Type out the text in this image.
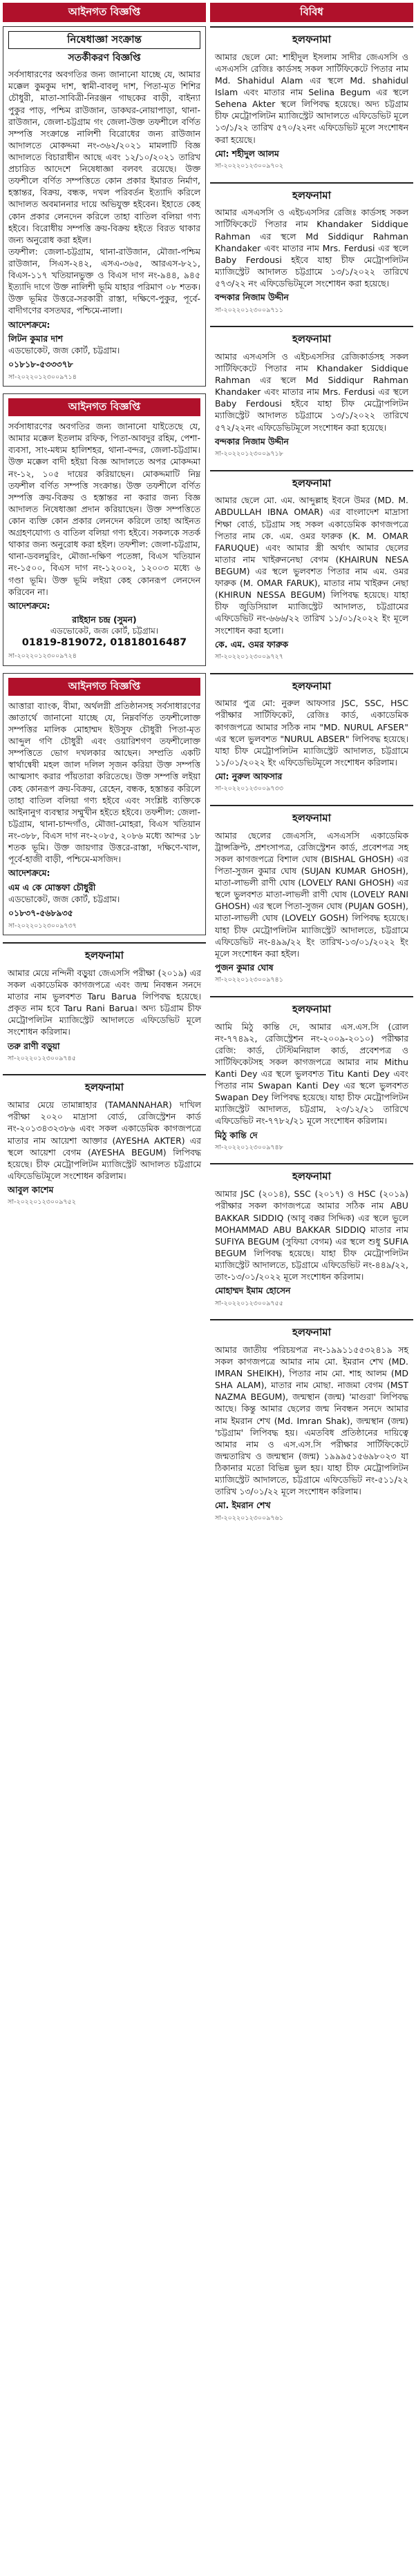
আইনগত বিজ্ঞপ্তি
নিষেধাজ্ঞা সংক্রান্ত
সতর্কীকরণ বিজ্ঞপ্তি

সর্বসাধারণের অবগতির জন্য জানানো যাচ্ছে যে, আমার মক্কেল কুমকুম দাশ, স্বামী-বাবলু দাশ, পিতা-মৃত শিশির চৌধুরী, মাতা-সাবিত্রী-নিরঞ্জন গাছকের বাড়ী, বাইন্যা পুকুর পাড়, পশ্চিম রাউজান, ডাকঘর-নোয়াপাড়া, থানা-রাউজান, জেলা-চট্টগ্রাম গং জেলা-উক্ত তফশীলে বর্ণিত সম্পত্তি সংক্রান্তে নালিশী বিরোধের জন্য রাউজান আদালতে মোকদ্দমা নং-৩৬২/২০২১ মামলাটি বিজ্ঞ আদালতে বিচারাধীন আছে এবং ১২/১০/২০২১ তারিখ প্রচারিত আদেশে নিষেধাজ্ঞা বলবৎ রয়েছে। উক্ত তফশীলে বর্ণিত সম্পত্তিতে কোন প্রকার ইমারত নির্মাণ, হস্তান্তর, বিক্রয়, বন্ধক, দখল পরিবর্তন ইত্যাদি করিলে আদালত অবমাননার দায়ে অভিযুক্ত হইবেন। ইহাতে কেহ কোন প্রকার লেনদেন করিলে তাহা বাতিল বলিয়া গণ্য হইবে। বিরোধীয় সম্পত্তি ক্রয়-বিক্রয় হইতে বিরত থাকার জন্য অনুরোধ করা হইল।

তফশীল: জেলা-চট্টগ্রাম, থানা-রাউজান, মৌজা-পশ্চিম রাউজান, সিএস-২৪২, এসএ-৩৬৫, আরএস-৮২১, বিএস-১১৭ খতিয়ানভুক্ত ও বিএস দাগ নং-৯৪৪, ৯৪৫ ইত্যাদি দাগে উক্ত নালিশী ভূমি যাহার পরিমাণ ০৮ শতক। উক্ত ভূমির উত্তরে-সরকারী রাস্তা, দক্ষিণে-পুকুর, পূর্বে-বাদীগণের বসতঘর, পশ্চিমে-নালা।

আদেশক্রমে:
লিটন কুমার দাশ
এডভোকেট, জজ কোর্ট, চট্টগ্রাম।
০১৮১৮-৫৩৩৩৭৮
সা-২০২২০১২৩০০৯৭১৪
আইনগত বিজ্ঞপ্তি

সর্বসাধারণের অবগতির জন্য জানানো যাইতেছে যে, আমার মক্কেল ইতলাম রফিক, পিতা-আবদুর রহিম, পেশা-ব্যবসা, সাং-মধ্যম হালিশহর, থানা-বন্দর, জেলা-চট্টগ্রাম। উক্ত মক্কেল বাদী হইয়া বিজ্ঞ আদালতে অপর মোকদ্দমা নং-১২, ১০৫ দায়ের করিয়াছেন। মোকদ্দমাটি নিম্ন তফশীল বর্ণিত সম্পত্তি সংক্রান্ত। উক্ত তফশীলে বর্ণিত সম্পত্তি ক্রয়-বিক্রয় ও হস্তান্তর না করার জন্য বিজ্ঞ আদালত নিষেধাজ্ঞা প্রদান করিয়াছেন। উক্ত সম্পত্তিতে কোন ব্যক্তি কোন প্রকার লেনদেন করিলে তাহা আইনত অগ্রহণযোগ্য ও বাতিল বলিয়া গণ্য হইবে। সকলকে সতর্ক থাকার জন্য অনুরোধ করা হইল। তফশীল: জেলা-চট্টগ্রাম, থানা-ডবলমুরিং, মৌজা-দক্ষিণ পতেঙ্গা, বিএস খতিয়ান নং-১৫০০, বিএস দাগ নং-১২০০২, ১২০০৩ মধ্যে ৬ গণ্ডা ভূমি। উক্ত ভূমি লইয়া কেহ কোনরূপ লেনদেন করিবেন না।

আদেশক্রমে:
রাইহান চন্দ্র (সুমন)
এডভোকেট, জজ কোর্ট, চট্টগ্রাম।
01819-819072, 01818016487
সা-২০২২০১২৩০০৯৭২৪
আইনগত বিজ্ঞপ্তি

আত্তারা ব্যাংক, বীমা, অর্থলগ্নী প্রতিষ্ঠানসহ সর্বসাধারণের জ্ঞাতার্থে জানানো যাচ্ছে যে, নিম্নবর্ণিত তফশীলোক্ত সম্পত্তির মালিক মোহাম্মদ ইউসুফ চৌধুরী পিতা-মৃত আব্দুল গণি চৌধুরী এবং ওয়ারিশগণ তফশীলোক্ত সম্পত্তিতে ভোগ দখলকার আছেন। সম্প্রতি একটি স্বার্থান্বেষী মহল জাল দলিল সৃজন করিয়া উক্ত সম্পত্তি আত্মসাৎ করার পাঁয়তারা করিতেছে। উক্ত সম্পত্তি লইয়া কেহ কোনরূপ ক্রয়-বিক্রয়, রেহেন, বন্ধক, হস্তান্তর করিলে তাহা বাতিল বলিয়া গণ্য হইবে এবং সংশ্লিষ্ট ব্যক্তিকে আইনানুগ ব্যবস্থার সম্মুখীন হইতে হইবে। তফশীল: জেলা-চট্টগ্রাম, থানা-চান্দগাঁও, মৌজা-মোহরা, বিএস খতিয়ান নং-৩৮৮, বিএস দাগ নং-২০৮৫, ২০৮৬ মধ্যে আন্দর ১৮ শতক ভূমি। উক্ত জায়গার উত্তরে-রাস্তা, দক্ষিণে-খাল, পূর্বে-হাজী বাড়ী, পশ্চিমে-মসজিদ।

আদেশক্রমে:
এম এ কে মোস্তফা চৌধুরী
এডভোকেট, জজ কোর্ট, চট্টগ্রাম।
০১৮৩৭-৫৬৮৯৩৫
সা-২০২২০১২৩০০৯৭৩৭
হলফনামা

আমার মেয়ে নন্দিনী বড়ুয়া জেএসসি পরীক্ষা (২০১৯) এর সকল একাডেমিক কাগজপত্রে এবং জন্ম নিবন্ধন সনদে মাতার নাম ভুলবশত Taru Barua লিপিবদ্ধ হয়েছে। প্রকৃত নাম হবে Taru Rani Barua। অদ্য চট্টগ্রাম চীফ মেট্রোপলিটন ম্যাজিস্ট্রেট আদালতে এফিডেভিট মূলে সংশোধন করিলাম।

তরু রাণী বড়ুয়া
সা-২০২২০১২৩০০৯৭৪৫
হলফনামা

আমার মেয়ে তামান্নাহার (TAMANNAHAR) দাখিল পরীক্ষা ২০২০ মাদ্রাসা বোর্ড, রেজিস্ট্রেশন কার্ড নং-২০১৩৪৩২৩৮৬ এবং সকল একাডেমিক কাগজপত্রে মাতার নাম আয়েশা আক্তার (AYESHA AKTER) এর স্থলে আয়েশা বেগম (AYESHA BEGUM) লিপিবদ্ধ হয়েছে। চীফ মেট্রোপলিটন ম্যাজিস্ট্রেট আদালত চট্টগ্রামে এফিডেভিটমূলে সংশোধন করিলাম।

আবুল কাশেম
সা-২০২২০১২৩০০৯৭৫২
বিবিধ
হলফনামা

আমার ছেলে মো: শাহীদুল ইসলাম সাদীর জেএসসি ও এসএসসি রেজিঃ কার্ডসহ সকল সার্টিফিকেটে পিতার নাম Md. Shahidul Alam এর স্থলে Md. shahidul Islam এবং মাতার নাম Selina Begum এর স্থলে Sehena Akter স্থলে লিপিবদ্ধ হয়েছে। অদ্য চট্টগ্রাম চীফ মেট্রোপলিটন ম্যাজিস্ট্রেট আদালতে এফিডেভিট মূলে ১৩/১/২২ তারিখ ৫৭০/২২নং এফিডেভিট মূলে সংশোধন করা হয়েছে।

মো: শহীদুল আলম
সা-২০২২০১২৩০০৯৭০২
হলফনামা

আমার এসএসসি ও এইচএসসির রেজিঃ কার্ডসহ সকল সার্টিফিকেটে পিতার নাম Khandaker Siddique Rahman এর স্থলে Md Siddiqur Rahman Khandaker এবং মাতার নাম Mrs. Ferdusi এর স্থলে Baby Ferdousi হইবে যাহা চীফ মেট্রোপলিটন ম্যাজিস্ট্রেট আদালত চট্টগ্রামে ১৩/১/২০২২ তারিখে ৫৭৩/২২ নং এফিডেভিটমূলে সংশোধন করা হয়েছে।

বন্দকার নিজাম উদ্দীন
সা-২০২২০১২৩০০৯৭১১
হলফনামা

আমার এসএসসি ও এইচএসসির রেজিকার্ডসহ সকল সার্টিফিকেটে পিতার নাম Khandaker Siddique Rahman এর স্থলে Md Siddiqur Rahman Khandaker এবং মাতার নাম Mrs. Ferdusi এর স্থলে Baby Ferdousi হইবে যাহা চীফ মেট্রোপলিটন ম্যাজিস্ট্রেট আদালত চট্টগ্রামে ১৩/১/২০২২ তারিখে ৫৭২/২২নং এফিডেভিটমূলে সংশোধন করা হয়েছে।

বন্দকার নিজাম উদ্দীন
সা-২০২২০১২৩০০৯৭১৮
হলফনামা

আমার ছেলে মো. এম. আব্দুল্লাহ ইবনে উমর (MD. M. ABDULLAH IBNA OMAR) এর বাংলাদেশ মাদ্রাসা শিক্ষা বোর্ড, চট্টগ্রাম সহ সকল একাডেমিক কাগজপত্রে পিতার নাম কে. এম. ওমর ফারুক (K. M. OMAR FARUQUE) এবং আমার স্ত্রী অর্থাৎ আমার ছেলের মাতার নাম খাইরুননেছা বেগম (KHAIRUN NESA BEGUM) এর স্থলে ভুলবশত পিতার নাম এম. ওমর ফারুক (M. OMAR FARUK), মাতার নাম খাইরুন নেছা (KHIRUN NESSA BEGUM) লিপিবদ্ধ হয়েছে। যাহা চীফ জুডিসিয়াল ম্যাজিস্ট্রেট আদালত, চট্টগ্রামের এফিডেভিট নং-৬৬৬/২২ তারিখ ১১/০১/২০২২ ইং মূলে সংশোধন করা হলো।

কে. এম. ওমর ফারুক
সা-২০২২০১২৩০০৯৭২৭
হলফনামা

আমার পুত্র মো: নুরুল আফসার JSC, SSC, HSC পরীক্ষার সার্টিফিকেট, রেজিঃ কার্ড, একাডেমিক কাগজপত্রে আমার সঠিক নাম "MD. NURUL AFSER" এর স্থলে ভুলবশত "NURUL ABSER" লিপিবদ্ধ হয়েছে। যাহা চীফ মেট্রোপলিটন ম্যাজিস্ট্রেট আদালত, চট্টগ্রামে ১১/০১/২০২২ ইং এফিডেভিটমূলে সংশোধন করিলাম।

মো: নুরুল আফসার
সা-২০২২০১২৩০০৯৭৩৩
হলফনামা

আমার ছেলের জেএসসি, এসএসসি একাডেমিক ট্রান্সক্রিপ্ট, প্রশংসাপত্র, রেজিস্ট্রেশন কার্ড, প্রবেশপত্র সহ সকল কাগজপত্রে বিশাল ঘোষ (BISHAL GHOSH) এর পিতা-সুজন কুমার ঘোষ (SUJAN KUMAR GHOSH), মাতা-লাভলী রাণী ঘোষ (LOVELY RANI GHOSH) এর স্থলে ভুলবশত মাতা-লাভলী রাণী ঘোষ (LOVELY RANI GHOSH) এর স্থলে পিতা-সুজন ঘোষ (PUJAN GOSH), মাতা-লাভলী ঘোষ (LOVELY GOSH) লিপিবদ্ধ হয়েছে। যাহা চীফ মেট্রোপলিটন ম্যাজিস্ট্রেট আদালতে, চট্টগ্রামে এফিডেভিট নং-৪৯৯/২২ ইং তারিখ-১৩/০১/২০২২ ইং মূলে সংশোধন করা হইল।

পুজন কুমার ঘোষ
সা-২০২২০১২৩০০৯৭৪১
হলফনামা

আমি মিঠু কান্তি দে, আমার এস.এস.সি (রোল নং-৭৭৪৯২, রেজিস্ট্রেশন নং-২০০৯-২০১০) পরীক্ষার রেজি: কার্ড, টেস্টিমনিয়াল কার্ড, প্রবেশপত্র ও সার্টিফিকেটসহ সকল কাগজপত্রে আমার নাম Mithu Kanti Dey এর স্থলে ভুলবশত Titu Kanti Dey এবং পিতার নাম Swapan Kanti Dey এর স্থলে ভুলবশত Swapan Dey লিপিবদ্ধ হয়েছে। যাহা চীফ মেট্রোপলিটন ম্যাজিস্ট্রেট আদালত, চট্টগ্রাম, ২৩/১২/২১ তারিখে এফিডেভিট নং-৭৭৮২/২১ মূলে সংশোধন করিলাম।

মিঠু কান্তি দে
সা-২০২২০১২৩০০৯৭৪৮
হলফনামা

আমার JSC (২০১৪), SSC (২০১৭) ও HSC (২০১৯) পরীক্ষার সকল কাগজপত্রে আমার সঠিক নাম ABU BAKKAR SIDDIQ (আবু বক্কর সিদ্দিক) এর স্থলে ভুলে MOHAMMAD ABU BAKKAR SIDDIQ মাতার নাম SUFIYA BEGUM (সুফিয়া বেগম) এর স্থলে শুধু SUFIA BEGUM লিপিবদ্ধ হয়েছে। যাহা চীফ মেট্রোপলিটন ম্যাজিস্ট্রেট আদালতে, চট্টগ্রামে এফিডেভিট নং-৪৪৯/২২, তাং-১৩/০১/২০২২ মূলে সংশোধন করিলাম।

মোহাম্মদ ইমাম হোসেন
সা-২০২২০১২৩০০৯৭৫৫
হলফনামা

আমার জাতীয় পরিচয়পত্র নং-১৯৯১১৫৫৩২৪১৯ সহ সকল কাগজপত্রে আমার নাম মো. ইমরান শেখ (MD. IMRAN SHEIKH), পিতার নাম মো. শাহ আলম (MD SHA ALAM), মাতার নাম মোছা. নাজমা বেগম (MST NAZMA BEGUM), জন্মস্থান (জন্ম) 'মাগুরা' লিপিবদ্ধ আছে। কিন্তু আমার ছেলের জন্ম নিবন্ধন সনদে আমার নাম ইমরান শেখ (Md. Imran Shak), জন্মস্থান (জন্ম) 'চট্টগ্রাম' লিপিবদ্ধ হয়। এমতবিধ প্রতিষ্ঠানের দায়িত্বে আমার নাম ও এস.এস.সি পরীক্ষার সার্টিফিকেটে জন্মতারিখ ও জন্মস্থান (জন্ম) ১৯৯৯৫১৫৬৯৮০২৩ যা ঠিকানার মতো বিভিন্ন ভুল হয়। যাহা চীফ মেট্রোপলিটন ম্যাজিস্ট্রেট আদালতে, চট্টগ্রামে এফিডেভিট নং-৫১১/২২ তারিখ ১৩/০১/২২ মূলে সংশোধন করিলাম।

মো. ইমরান শেখ
সা-২০২২০১২৩০০৯৭৬১
